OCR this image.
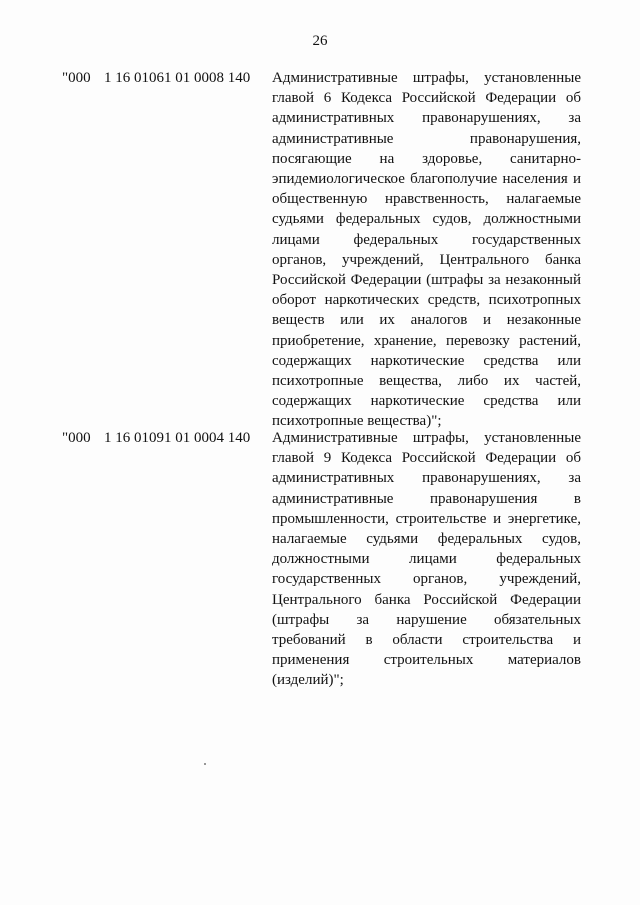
26
"000 1 16 01061 01 0008 140 Административные штрафы, установленные
главой 6 Кодекса Российской Федерации об
административных правонарушениях, за
административные правонарушения,
посягающие на здоровье, санитарно-
эпидемиологическое благополучие населения и
общественную нравственность, налагаемые
судьями федеральных судов, должностными
лицами федеральных государственных
органов, учреждений, Центрального банка
Российской Федерации (штрафы за незаконный
оборот наркотических средств, психотропных
веществ или их аналогов и незаконные
приобретение, хранение, перевозку растений,
содержащих наркотические средства или
психотропные вещества, либо их частей,
содержащих наркотические средства или
психотропные вещества)";
"000 1 16 01091 01 0004 140 Административные штрафы, установленные
главой 9 Кодекса Российской Федерации об
административных правонарушениях, за
административные правонарушения в
промышленности, строительстве и энергетике,
налагаемые судьями федеральных судов,
должностными лицами федеральных
государственных органов, учреждений,
Центрального банка Российской Федерации
(штрафы за нарушение обязательных
требований в области строительства и
применения строительных материалов
(изделий)";
